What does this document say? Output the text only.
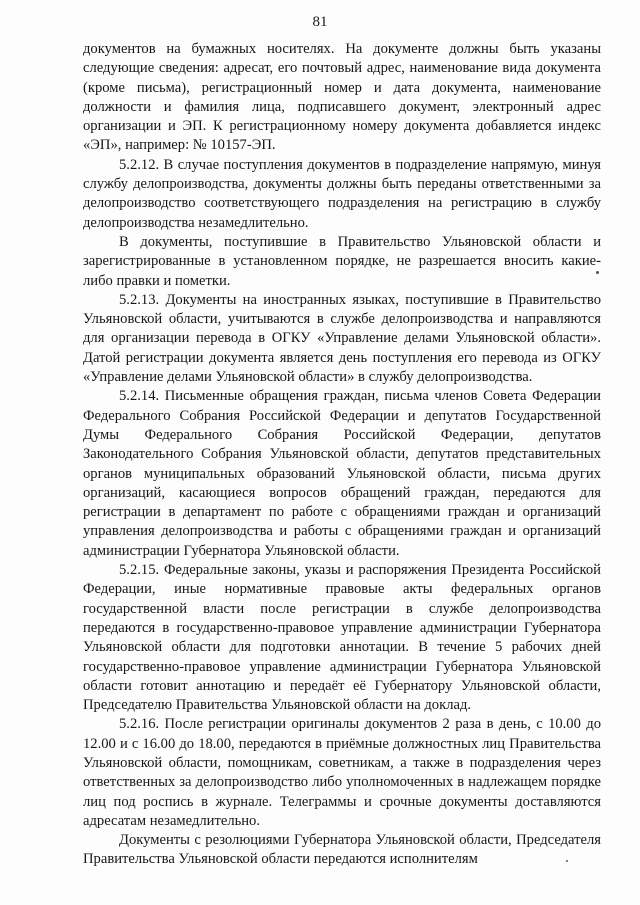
81

документов на бумажных носителях. На документе должны быть указаны следующие сведения: адресат, его почтовый адрес, наименование вида документа (кроме письма), регистрационный номер и дата документа, наименование должности и фамилия лица, подписавшего документ, электронный адрес организации и ЭП. К регистрационному номеру документа добавляется индекс «ЭП», например: № 10157-ЭП.

5.2.12. В случае поступления документов в подразделение напрямую, минуя службу делопроизводства, документы должны быть переданы ответственными за делопроизводство соответствующего подразделения на регистрацию в службу делопроизводства незамедлительно.

В документы, поступившие в Правительство Ульяновской области и зарегистрированные в установленном порядке, не разрешается вносить какие-либо правки и пометки.

5.2.13. Документы на иностранных языках, поступившие в Правительство Ульяновской области, учитываются в службе делопроизводства и направляются для организации перевода в ОГКУ «Управление делами Ульяновской области». Датой регистрации документа является день поступления его перевода из ОГКУ «Управление делами Ульяновской области» в службу делопроизводства.

5.2.14. Письменные обращения граждан, письма членов Совета Федерации Федерального Собрания Российской Федерации и депутатов Государственной Думы Федерального Собрания Российской Федерации, депутатов Законодательного Собрания Ульяновской области, депутатов представительных органов муниципальных образований Ульяновской области, письма других организаций, касающиеся вопросов обращений граждан, передаются для регистрации в департамент по работе с обращениями граждан и организаций управления делопроизводства и работы с обращениями граждан и организаций администрации Губернатора Ульяновской области.

5.2.15. Федеральные законы, указы и распоряжения Президента Российской Федерации, иные нормативные правовые акты федеральных органов государственной власти после регистрации в службе делопроизводства передаются в государственно-правовое управление администрации Губернатора Ульяновской области для подготовки аннотации. В течение 5 рабочих дней государственно-правовое управление администрации Губернатора Ульяновской области готовит аннотацию и передаёт её Губернатору Ульяновской области, Председателю Правительства Ульяновской области на доклад.

5.2.16. После регистрации оригиналы документов 2 раза в день, с 10.00 до 12.00 и с 16.00 до 18.00, передаются в приёмные должностных лиц Правительства Ульяновской области, помощникам, советникам, а также в подразделения через ответственных за делопроизводство либо уполномоченных в надлежащем порядке лиц под роспись в журнале. Телеграммы и срочные документы доставляются адресатам незамедлительно.

Документы с резолюциями Губернатора Ульяновской области, Председателя Правительства Ульяновской области передаются исполнителям
